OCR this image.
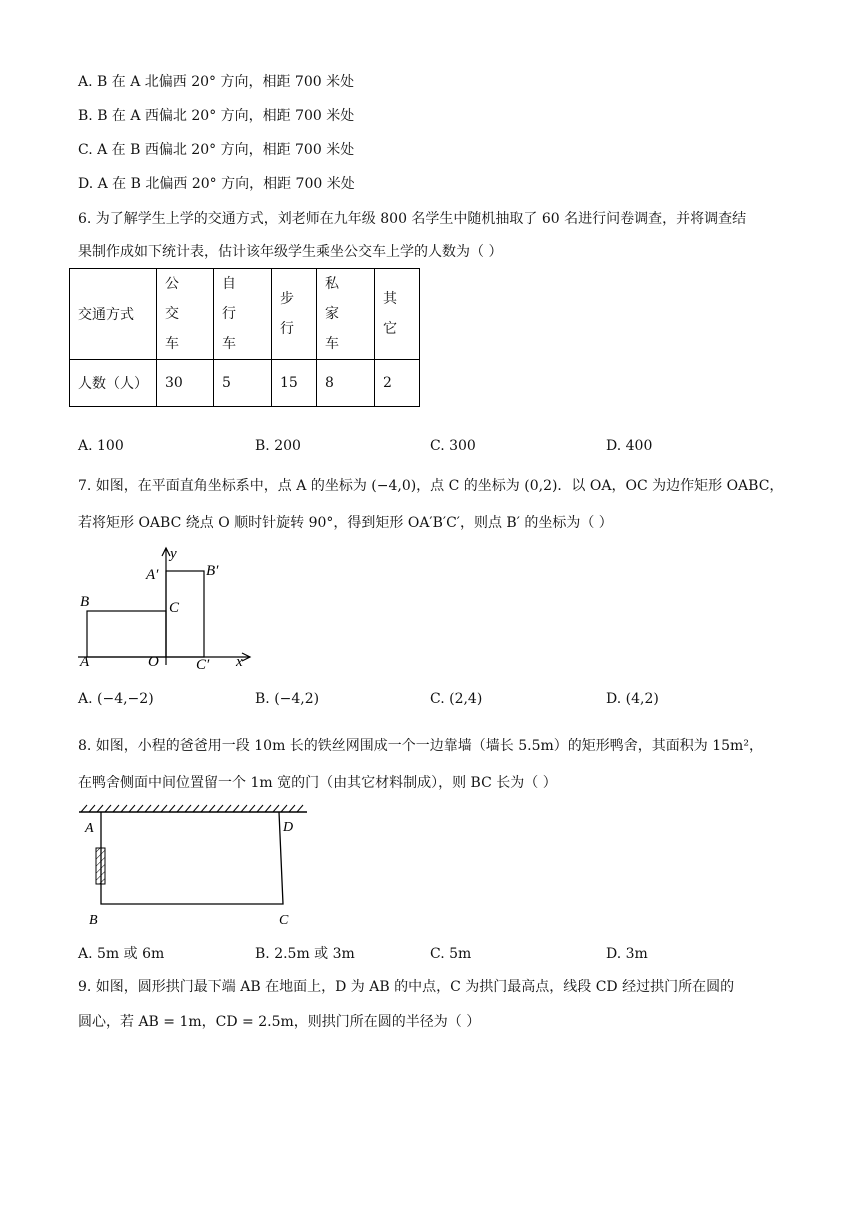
A. B 在 A 北偏西 20° 方向，相距 700 米处
B. B 在 A 西偏北 20° 方向，相距 700 米处
C. A 在 B 西偏北 20° 方向，相距 700 米处
D. A 在 B 北偏西 20° 方向，相距 700 米处
6. 为了解学生上学的交通方式，刘老师在九年级 800 名学生中随机抽取了 60 名进行问卷调查，并将调查结
果制作成如下统计表，估计该年级学生乘坐公交车上学的人数为（ ）
交通方式	公交车	自行车	步行	私家车	其它
人数（人）	30	5	15	8	2
A. 100	B. 200	C. 300	D. 400
7. 如图，在平面直角坐标系中，点 A 的坐标为 (−4,0)，点 C 的坐标为 (0,2)．以 OA，OC 为边作矩形 OABC，
若将矩形 OABC 绕点 O 顺时针旋转 90°，得到矩形 OA′B′C′，则点 B′ 的坐标为（ ）
y
x
B
A	O
C
A′	B′
C′
A. (−4,−2)	B. (−4,2)	C. (2,4)	D. (4,2)
8. 如图，小程的爸爸用一段 10m 长的铁丝网围成一个一边靠墙（墙长 5.5m）的矩形鸭舍，其面积为 15m²，
在鸭舍侧面中间位置留一个 1m 宽的门（由其它材料制成），则 BC 长为（ ）
A	D
B	C
A. 5m 或 6m	B. 2.5m 或 3m	C. 5m	D. 3m
9. 如图，圆形拱门最下端 AB 在地面上，D 为 AB 的中点，C 为拱门最高点，线段 CD 经过拱门所在圆的
圆心，若 AB = 1m，CD = 2.5m，则拱门所在圆的半径为（ ）
